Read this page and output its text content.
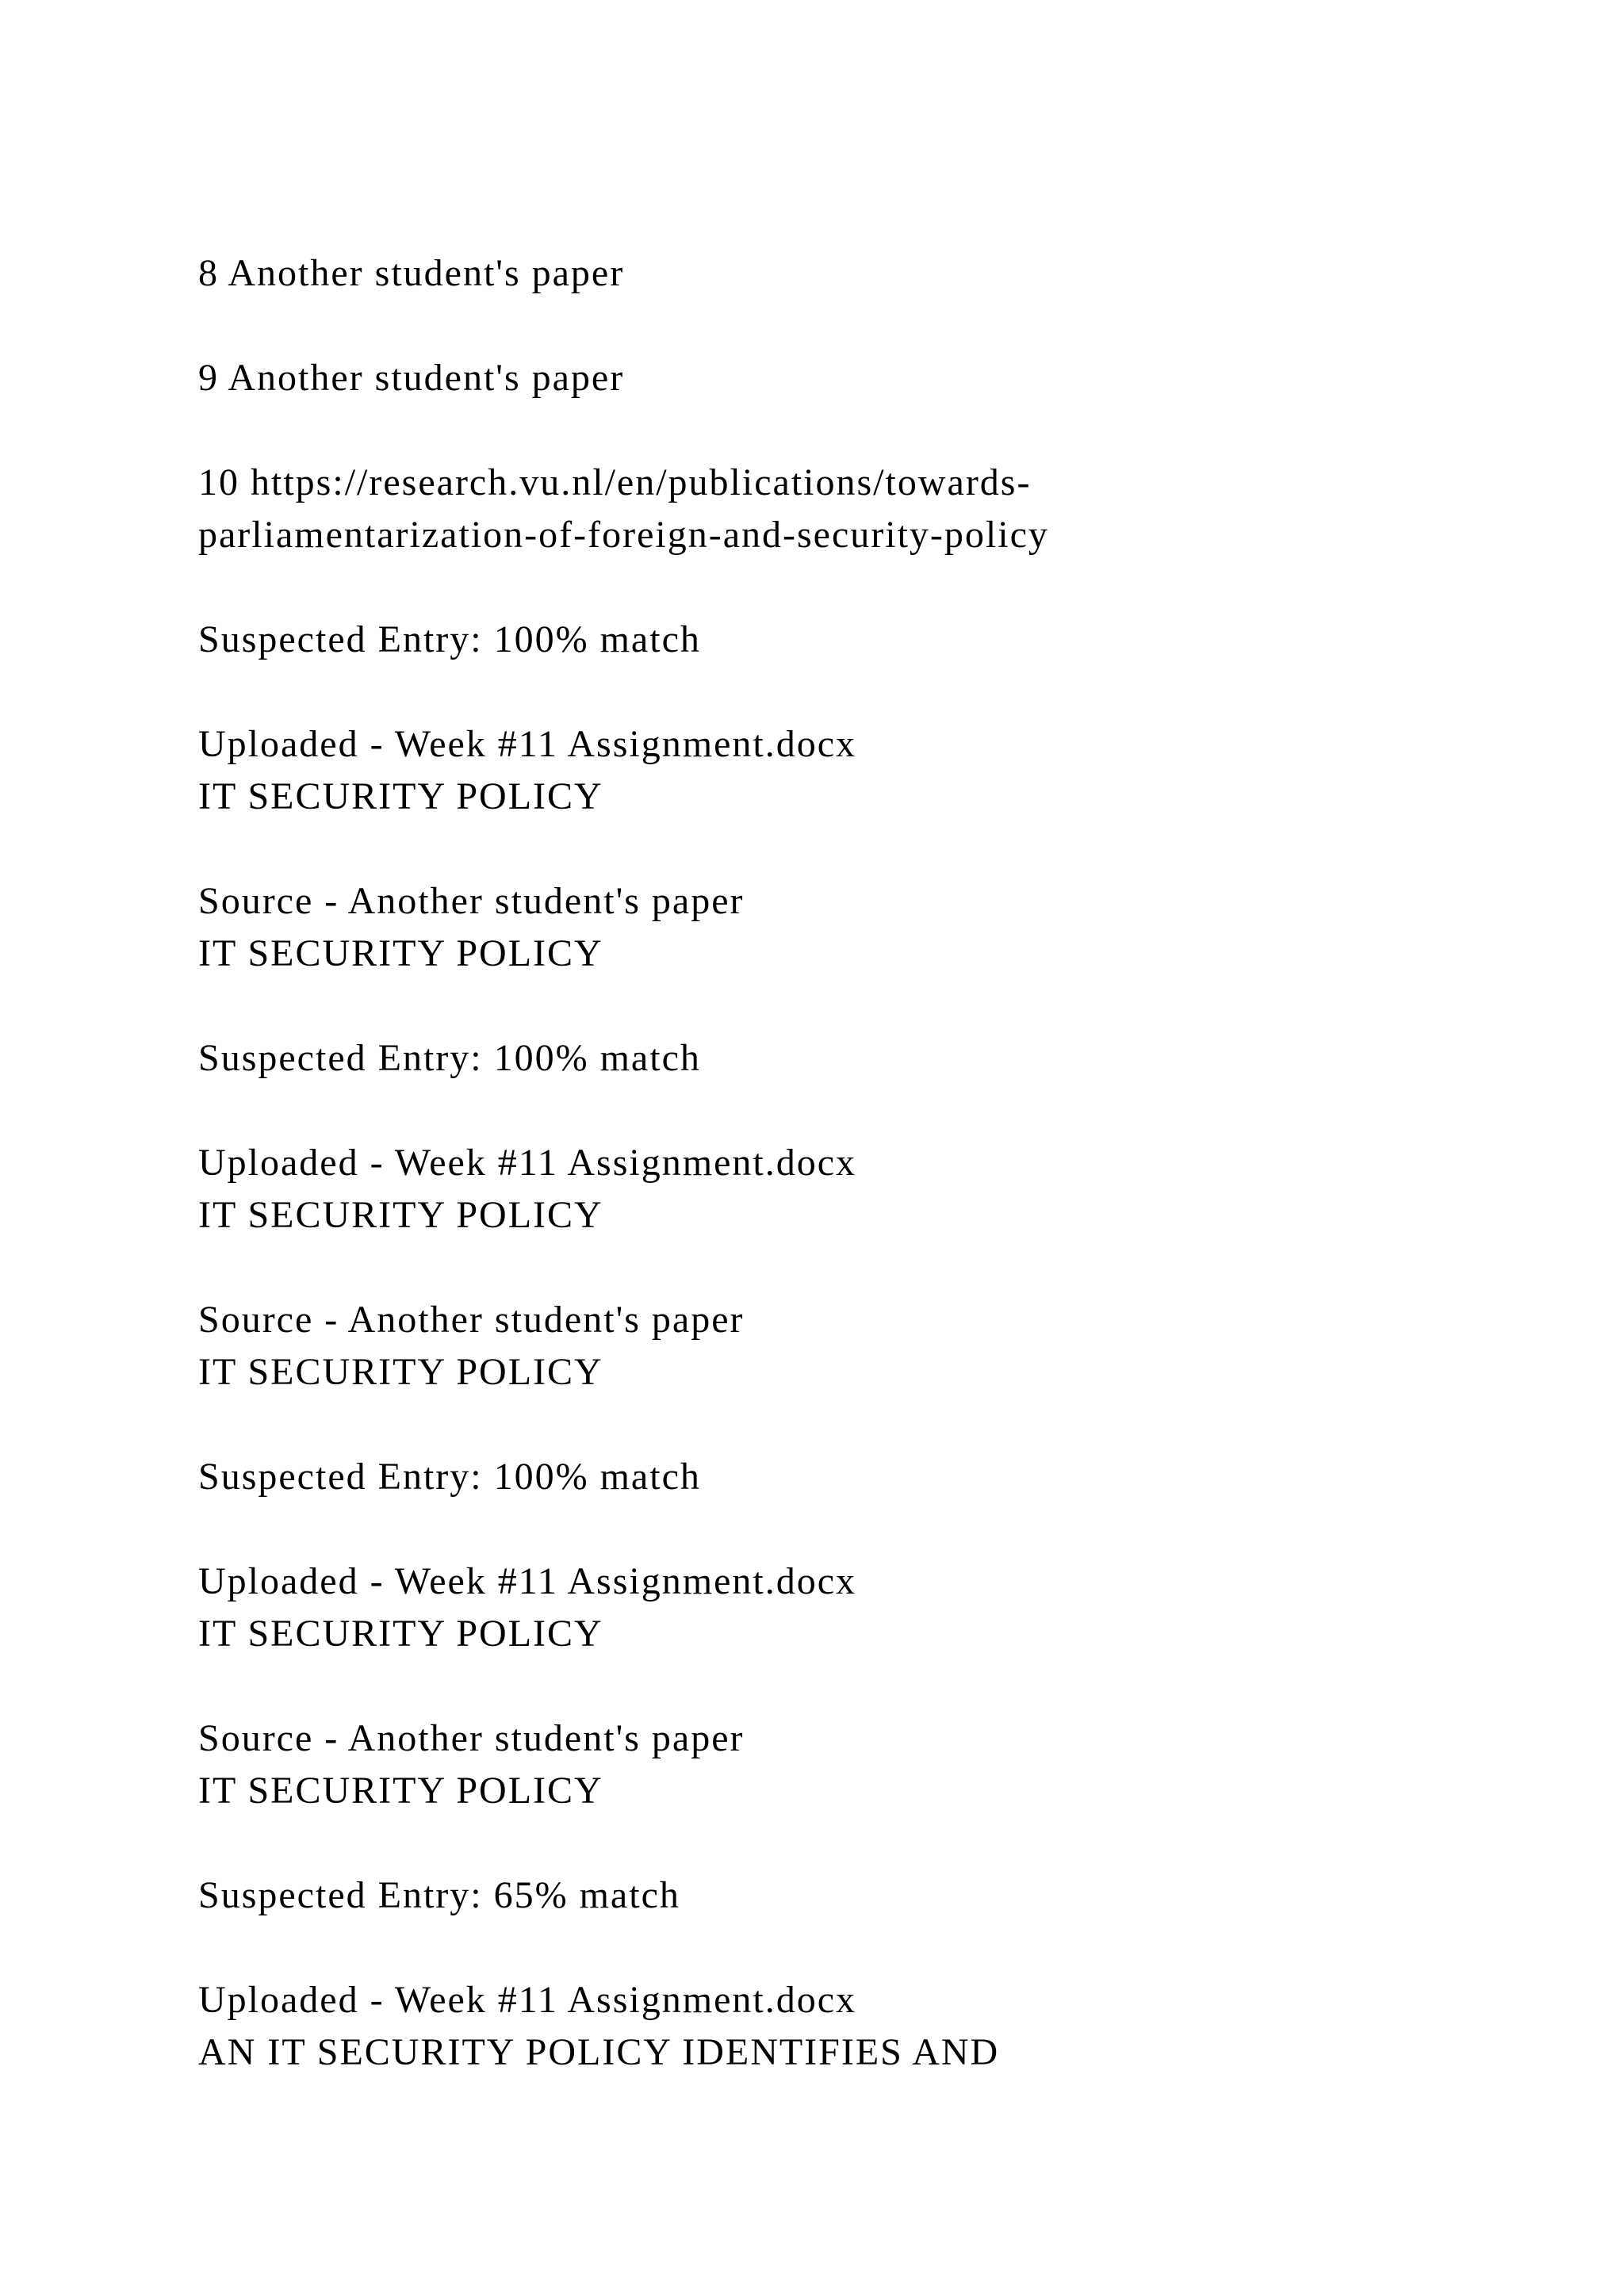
8 Another student's paper

9 Another student's paper

10 https://research.vu.nl/en/publications/towards-
parliamentarization-of-foreign-and-security-policy

Suspected Entry: 100% match

Uploaded - Week #11 Assignment.docx
IT SECURITY POLICY

Source - Another student's paper
IT SECURITY POLICY

Suspected Entry: 100% match

Uploaded - Week #11 Assignment.docx
IT SECURITY POLICY

Source - Another student's paper
IT SECURITY POLICY

Suspected Entry: 100% match

Uploaded - Week #11 Assignment.docx
IT SECURITY POLICY

Source - Another student's paper
IT SECURITY POLICY

Suspected Entry: 65% match

Uploaded - Week #11 Assignment.docx
AN IT SECURITY POLICY IDENTIFIES AND
